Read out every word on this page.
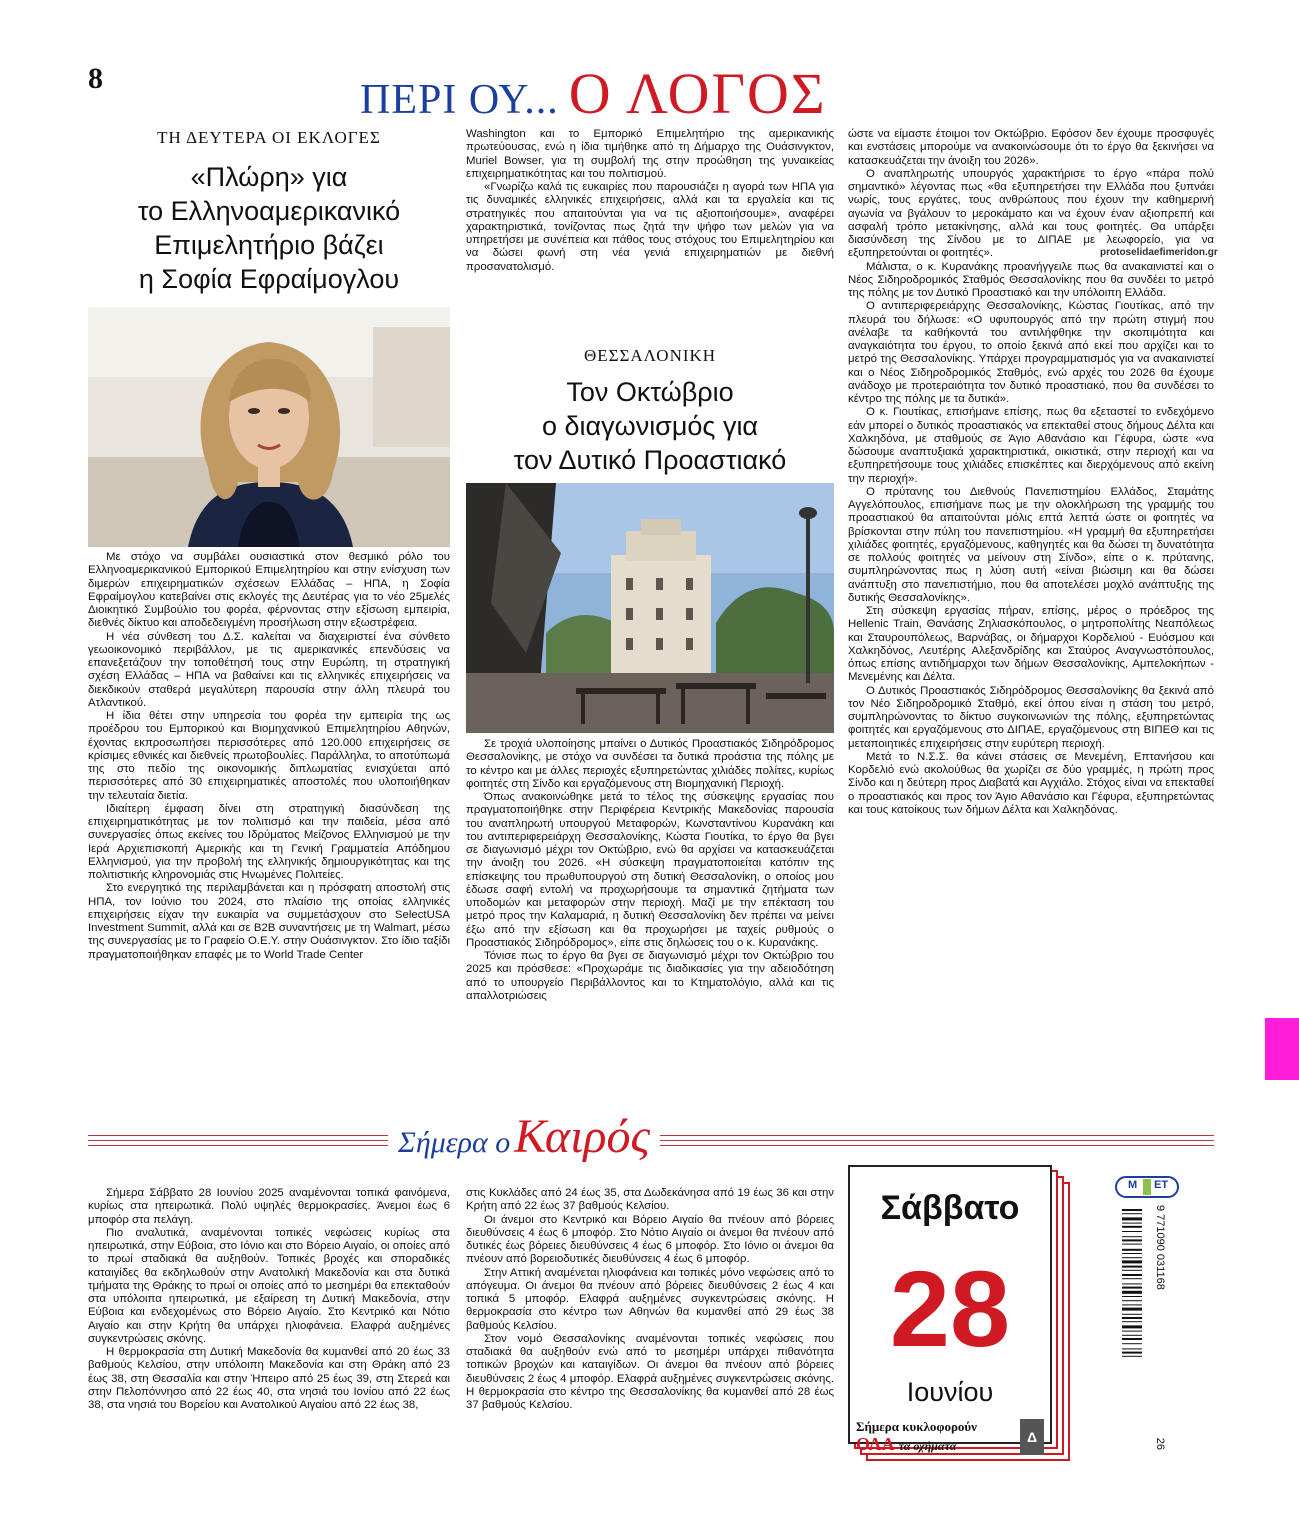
8	ΠΕΡΙ ΟΥ... Ο ΛΟΓΟΣ
ΤΗ ΔΕΥΤΕΡΑ ΟΙ ΕΚΛΟΓΕΣ
«Πλώρη» για
το Ελληνοαμερικανικό
Επιμελητήριο βάζει
η Σοφία Εφραίμογλου

Με στόχο να συμβάλει ουσιαστικά στον θεσμικό ρόλο του Ελληνοαμερικανικού Εμπορικού Επιμελητηρίου και στην ενίσχυση των διμερών επιχειρηματικών σχέσεων Ελλάδας – ΗΠΑ, η Σοφία Εφραίμογλου κατεβαίνει στις εκλογές της Δευτέρας για το νέο 25μελές Διοικητικό Συμβούλιο του φορέα, φέρνοντας στην εξίσωση εμπειρία, διεθνές δίκτυο και αποδεδειγμένη προσήλωση στην εξωστρέφεια.

Η νέα σύνθεση του Δ.Σ. καλείται να διαχειριστεί ένα σύνθετο γεωοικονομικό περιβάλλον, με τις αμερικανικές επενδύσεις να επανεξετάζουν την τοποθέτησή τους στην Ευρώπη, τη στρατηγική σχέση Ελλάδας – ΗΠΑ να βαθαίνει και τις ελληνικές επιχειρήσεις να διεκδικούν σταθερά μεγαλύτερη παρουσία στην άλλη πλευρά του Ατλαντικού.

Η ίδια θέτει στην υπηρεσία του φορέα την εμπειρία της ως προέδρου του Εμπορικού και Βιομηχανικού Επιμελητηρίου Αθηνών, έχοντας εκπροσωπήσει περισσότερες από 120.000 επιχειρήσεις σε κρίσιμες εθνικές και διεθνείς πρωτοβουλίες. Παράλληλα, το αποτύπωμά της στο πεδίο της οικονομικής διπλωματίας ενισχύεται από περισσότερες από 30 επιχειρηματικές αποστολές που υλοποιήθηκαν την τελευταία διετία.

Ιδιαίτερη έμφαση δίνει στη στρατηγική διασύνδεση της επιχειρηματικότητας με τον πολιτισμό και την παιδεία, μέσα από συνεργασίες όπως εκείνες του Ιδρύματος Μείζονος Ελληνισμού με την Ιερά Αρχιεπισκοπή Αμερικής και τη Γενική Γραμματεία Απόδημου Ελληνισμού, για την προβολή της ελληνικής δημιουργικότητας και της πολιτιστικής κληρονομιάς στις Ηνωμένες Πολιτείες.

Στο ενεργητικό της περιλαμβάνεται και η πρόσφατη αποστολή στις ΗΠΑ, τον Ιούνιο του 2024, στο πλαίσιο της οποίας ελληνικές επιχειρήσεις είχαν την ευκαιρία να συμμετάσχουν στο SelectUSA Investment Summit, αλλά και σε B2B συναντήσεις με τη Walmart, μέσω της συνεργασίας με το Γραφείο Ο.Ε.Υ. στην Ουάσινγκτον. Στο ίδιο ταξίδι πραγματοποιήθηκαν επαφές με το World Trade Center

Washington και το Εμπορικό Επιμελητήριο της αμερικανικής πρωτεύουσας, ενώ η ίδια τιμήθηκε από τη Δήμαρχο της Ουάσινγκτον, Muriel Bowser, για τη συμβολή της στην προώθηση της γυναικείας επιχειρηματικότητας και του πολιτισμού.

«Γνωρίζω καλά τις ευκαιρίες που παρουσιάζει η αγορά των ΗΠΑ για τις δυναμικές ελληνικές επιχειρήσεις, αλλά και τα εργαλεία και τις στρατηγικές που απαιτούνται για να τις αξιοποιήσουμε», αναφέρει χαρακτηριστικά, τονίζοντας πως ζητά την ψήφο των μελών για να υπηρετήσει με συνέπεια και πάθος τους στόχους του Επιμελητηρίου και να δώσει φωνή στη νέα γενιά επιχειρηματιών με διεθνή προσανατολισμό.

ΘΕΣΣΑΛΟΝΙΚΗ
Τον Οκτώβριο
ο διαγωνισμός για
τον Δυτικό Προαστιακό

Σε τροχιά υλοποίησης μπαίνει ο Δυτικός Προαστιακός Σιδηρόδρομος Θεσσαλονίκης, με στόχο να συνδέσει τα δυτικά προάστια της πόλης με το κέντρο και με άλλες περιοχές εξυπηρετώντας χιλιάδες πολίτες, κυρίως φοιτητές στη Σίνδο και εργαζόμενους στη Βιομηχανική Περιοχή.

Όπως ανακοινώθηκε μετά το τέλος της σύσκεψης εργασίας που πραγματοποιήθηκε στην Περιφέρεια Κεντρικής Μακεδονίας παρουσία του αναπληρωτή υπουργού Μεταφορών, Κωνσταντίνου Κυρανάκη και του αντιπεριφερειάρχη Θεσσαλονίκης, Κώστα Γιουτίκα, το έργο θα βγει σε διαγωνισμό μέχρι τον Οκτώβριο, ενώ θα αρχίσει να κατασκευάζεται την άνοιξη του 2026. «Η σύσκεψη πραγματοποιείται κατόπιν της επίσκεψης του πρωθυπουργού στη δυτική Θεσσαλονίκη, ο οποίος μου έδωσε σαφή εντολή να προχωρήσουμε τα σημαντικά ζητήματα των υποδομών και μεταφορών στην περιοχή. Μαζί με την επέκταση του μετρό προς την Καλαμαριά, η δυτική Θεσσαλονίκη δεν πρέπει να μείνει έξω από την εξίσωση και θα προχωρήσει με ταχείς ρυθμούς ο Προαστιακός Σιδηρόδρομος», είπε στις δηλώσεις του ο κ. Κυρανάκης.

Τόνισε πως το έργο θα βγει σε διαγωνισμό μέχρι τον Οκτώβριο του 2025 και πρόσθεσε: «Προχωράμε τις διαδικασίες για την αδειοδότηση από το υπουργείο Περιβάλλοντος και το Κτηματολόγιο, αλλά και τις απαλλοτριώσεις

ώστε να είμαστε έτοιμοι τον Οκτώβριο. Εφόσον δεν έχουμε προσφυγές και ενστάσεις μπορούμε να ανακοινώσουμε ότι το έργο θα ξεκινήσει να κατασκευάζεται την άνοιξη του 2026».

Ο αναπληρωτής υπουργός χαρακτήρισε το έργο «πάρα πολύ σημαντικό» λέγοντας πως «θα εξυπηρετήσει την Ελλάδα που ξυπνάει νωρίς, τους εργάτες, τους ανθρώπους που έχουν την καθημερινή αγωνία να βγάλουν το μεροκάματο και να έχουν έναν αξιοπρεπή και ασφαλή τρόπο μετακίνησης, αλλά και τους φοιτητές. Θα υπάρξει διασύνδεση της Σίνδου με το ΔΙΠΑΕ με λεωφορείο, για να εξυπηρετούνται οι φοιτητές».

Μάλιστα, ο κ. Κυρανάκης προανήγγειλε πως θα ανακαινιστεί και ο Νέος Σιδηροδρομικός Σταθμός Θεσσαλονίκης που θα συνδέει το μετρό της πόλης με τον Δυτικό Προαστιακό και την υπόλοιπη Ελλάδα.

Ο αντιπεριφερειάρχης Θεσσαλονίκης, Κώστας Γιουτίκας, από την πλευρά του δήλωσε: «Ο υφυπουργός από την πρώτη στιγμή που ανέλαβε τα καθήκοντά του αντιλήφθηκε την σκοπιμότητα και αναγκαιότητα του έργου, το οποίο ξεκινά από εκεί που αρχίζει και το μετρό της Θεσσαλονίκης. Υπάρχει προγραμματισμός για να ανακαινιστεί και ο Νέος Σιδηροδρομικός Σταθμός, ενώ αρχές του 2026 θα έχουμε ανάδοχο με προτεραιότητα τον δυτικό προαστιακό, που θα συνδέσει το κέντρο της πόλης με τα δυτικά».

Ο κ. Γιουτίκας, επισήμανε επίσης, πως θα εξεταστεί το ενδεχόμενο εάν μπορεί ο δυτικός προαστιακός να επεκταθεί στους δήμους Δέλτα και Χαλκηδόνα, με σταθμούς σε Άγιο Αθανάσιο και Γέφυρα, ώστε «να δώσουμε αναπτυξιακά χαρακτηριστικά, οικιστικά, στην περιοχή και να εξυπηρετήσουμε τους χιλιάδες επισκέπτες και διερχόμενους από εκείνη την περιοχή».

Ο πρύτανης του Διεθνούς Πανεπιστημίου Ελλάδος, Σταμάτης Αγγελόπουλος, επισήμανε πως με την ολοκλήρωση της γραμμής του προαστιακού θα απαιτούνται μόλις επτά λεπτά ώστε οι φοιτητές να βρίσκονται στην πύλη του πανεπιστημίου. «Η γραμμή θα εξυπηρετήσει χιλιάδες φοιτητές, εργαζόμενους, καθηγητές και θα δώσει τη δυνατότητα σε πολλούς φοιτητές να μείνουν στη Σίνδο», είπε ο κ. πρύτανης, συμπληρώνοντας πως η λύση αυτή «είναι βιώσιμη και θα δώσει ανάπτυξη στο πανεπιστήμιο, που θα αποτελέσει μοχλό ανάπτυξης της δυτικής Θεσσαλονίκης».

Στη σύσκεψη εργασίας πήραν, επίσης, μέρος ο πρόεδρος της Hellenic Train, Θανάσης Ζηλιασκόπουλος, ο μητροπολίτης Νεαπόλεως και Σταυρουπόλεως, Βαρνάβας, οι δήμαρχοι Κορδελιού - Ευόσμου και Χαλκηδόνος, Λευτέρης Αλεξανδρίδης και Σταύρος Αναγνωστόπουλος, όπως επίσης αντιδήμαρχοι των δήμων Θεσσαλονίκης, Αμπελοκήπων - Μενεμένης και Δέλτα.

Ο Δυτικός Προαστιακός Σιδηρόδρομος Θεσσαλονίκης θα ξεκινά από τον Νέο Σιδηροδρομικό Σταθμό, εκεί όπου είναι η στάση του μετρό, συμπληρώνοντας το δίκτυο συγκοινωνιών της πόλης, εξυπηρετώντας φοιτητές και εργαζόμενους στο ΔΙΠΑΕ, εργαζόμενους στη ΒΙΠΕΘ και τις μεταποιητικές επιχειρήσεις στην ευρύτερη περιοχή.

Μετά το Ν.Σ.Σ. θα κάνει στάσεις σε Μενεμένη, Επτανήσου και Κορδελιό ενώ ακολούθως θα χωρίζει σε δύο γραμμές, η πρώτη προς Σίνδο και η δεύτερη προς Διαβατά και Αγχιάλο. Στόχος είναι να επεκταθεί ο προαστιακός και προς τον Άγιο Αθανάσιο και Γέφυρα, εξυπηρετώντας και τους κατοίκους των δήμων Δέλτα και Χαλκηδόνας.

protoselidaefimeridon.gr
Σήμερα ο Καιρός

Σήμερα Σάββατο 28 Ιουνίου 2025 αναμένονται τοπικά φαινόμενα, κυρίως στα ηπειρωτικά. Πολύ υψηλές θερμοκρασίες. Άνεμοι έως 6 μποφόρ στα πελάγη.

Πιο αναλυτικά, αναμένονται τοπικές νεφώσεις κυρίως στα ηπειρωτικά, στην Εύβοια, στο Ιόνιο και στο Βόρειο Αιγαίο, οι οποίες από το πρωί σταδιακά θα αυξηθούν. Τοπικές βροχές και σποραδικές καταιγίδες θα εκδηλωθούν στην Ανατολική Μακεδονία και στα δυτικά τμήματα της Θράκης το πρωί οι οποίες από το μεσημέρι θα επεκταθούν στα υπόλοιπα ηπειρωτικά, με εξαίρεση τη Δυτική Μακεδονία, στην Εύβοια και ενδεχομένως στο Βόρειο Αιγαίο. Στο Κεντρικό και Νότιο Αιγαίο και στην Κρήτη θα υπάρχει ηλιοφάνεια. Ελαφρά αυξημένες συγκεντρώσεις σκόνης.

Η θερμοκρασία στη Δυτική Μακεδονία θα κυμανθεί από 20 έως 33 βαθμούς Κελσίου, στην υπόλοιπη Μακεδονία και στη Θράκη από 23 έως 38, στη Θεσσαλία και στην Ήπειρο από 25 έως 39, στη Στερεά και στην Πελοπόννησο από 22 έως 40, στα νησιά του Ιονίου από 22 έως 38, στα νησιά του Βορείου και Ανατολικού Αιγαίου από 22 έως 38,

στις Κυκλάδες από 24 έως 35, στα Δωδεκάνησα από 19 έως 36 και στην Κρήτη από 22 έως 37 βαθμούς Κελσίου.

Οι άνεμοι στο Κεντρικό και Βόρειο Αιγαίο θα πνέουν από βόρειες διευθύνσεις 4 έως 6 μποφόρ. Στο Νότιο Αιγαίο οι άνεμοι θα πνέουν από δυτικές έως βόρειες διευθύνσεις 4 έως 6 μποφόρ. Στο Ιόνιο οι άνεμοι θα πνέουν από βορειοδυτικές διευθύνσεις 4 έως 6 μποφόρ.

Στην Αττική αναμένεται ηλιοφάνεια και τοπικές μόνο νεφώσεις από το απόγευμα. Οι άνεμοι θα πνέουν από βόρειες διευθύνσεις 2 έως 4 και τοπικά 5 μποφόρ. Ελαφρά αυξημένες συγκεντρώσεις σκόνης. Η θερμοκρασία στο κέντρο των Αθηνών θα κυμανθεί από 29 έως 38 βαθμούς Κελσίου.

Στον νομό Θεσσαλονίκης αναμένονται τοπικές νεφώσεις που σταδιακά θα αυξηθούν ενώ από το μεσημέρι υπάρχει πιθανότητα τοπικών βροχών και καταιγίδων. Οι άνεμοι θα πνέουν από βόρειες διευθύνσεις 2 έως 4 μποφόρ. Ελαφρά αυξημένες συγκεντρώσεις σκόνης. Η θερμοκρασία στο κέντρο της Θεσσαλονίκης θα κυμανθεί από 28 έως 37 βαθμούς Κελσίου.

Σάββατο
28
Ιουνίου
Σήμερα κυκλοφορούν
ΟΛΑ τα οχήματα
Δ
Μ ΕΤ
9 771090 031168
26
